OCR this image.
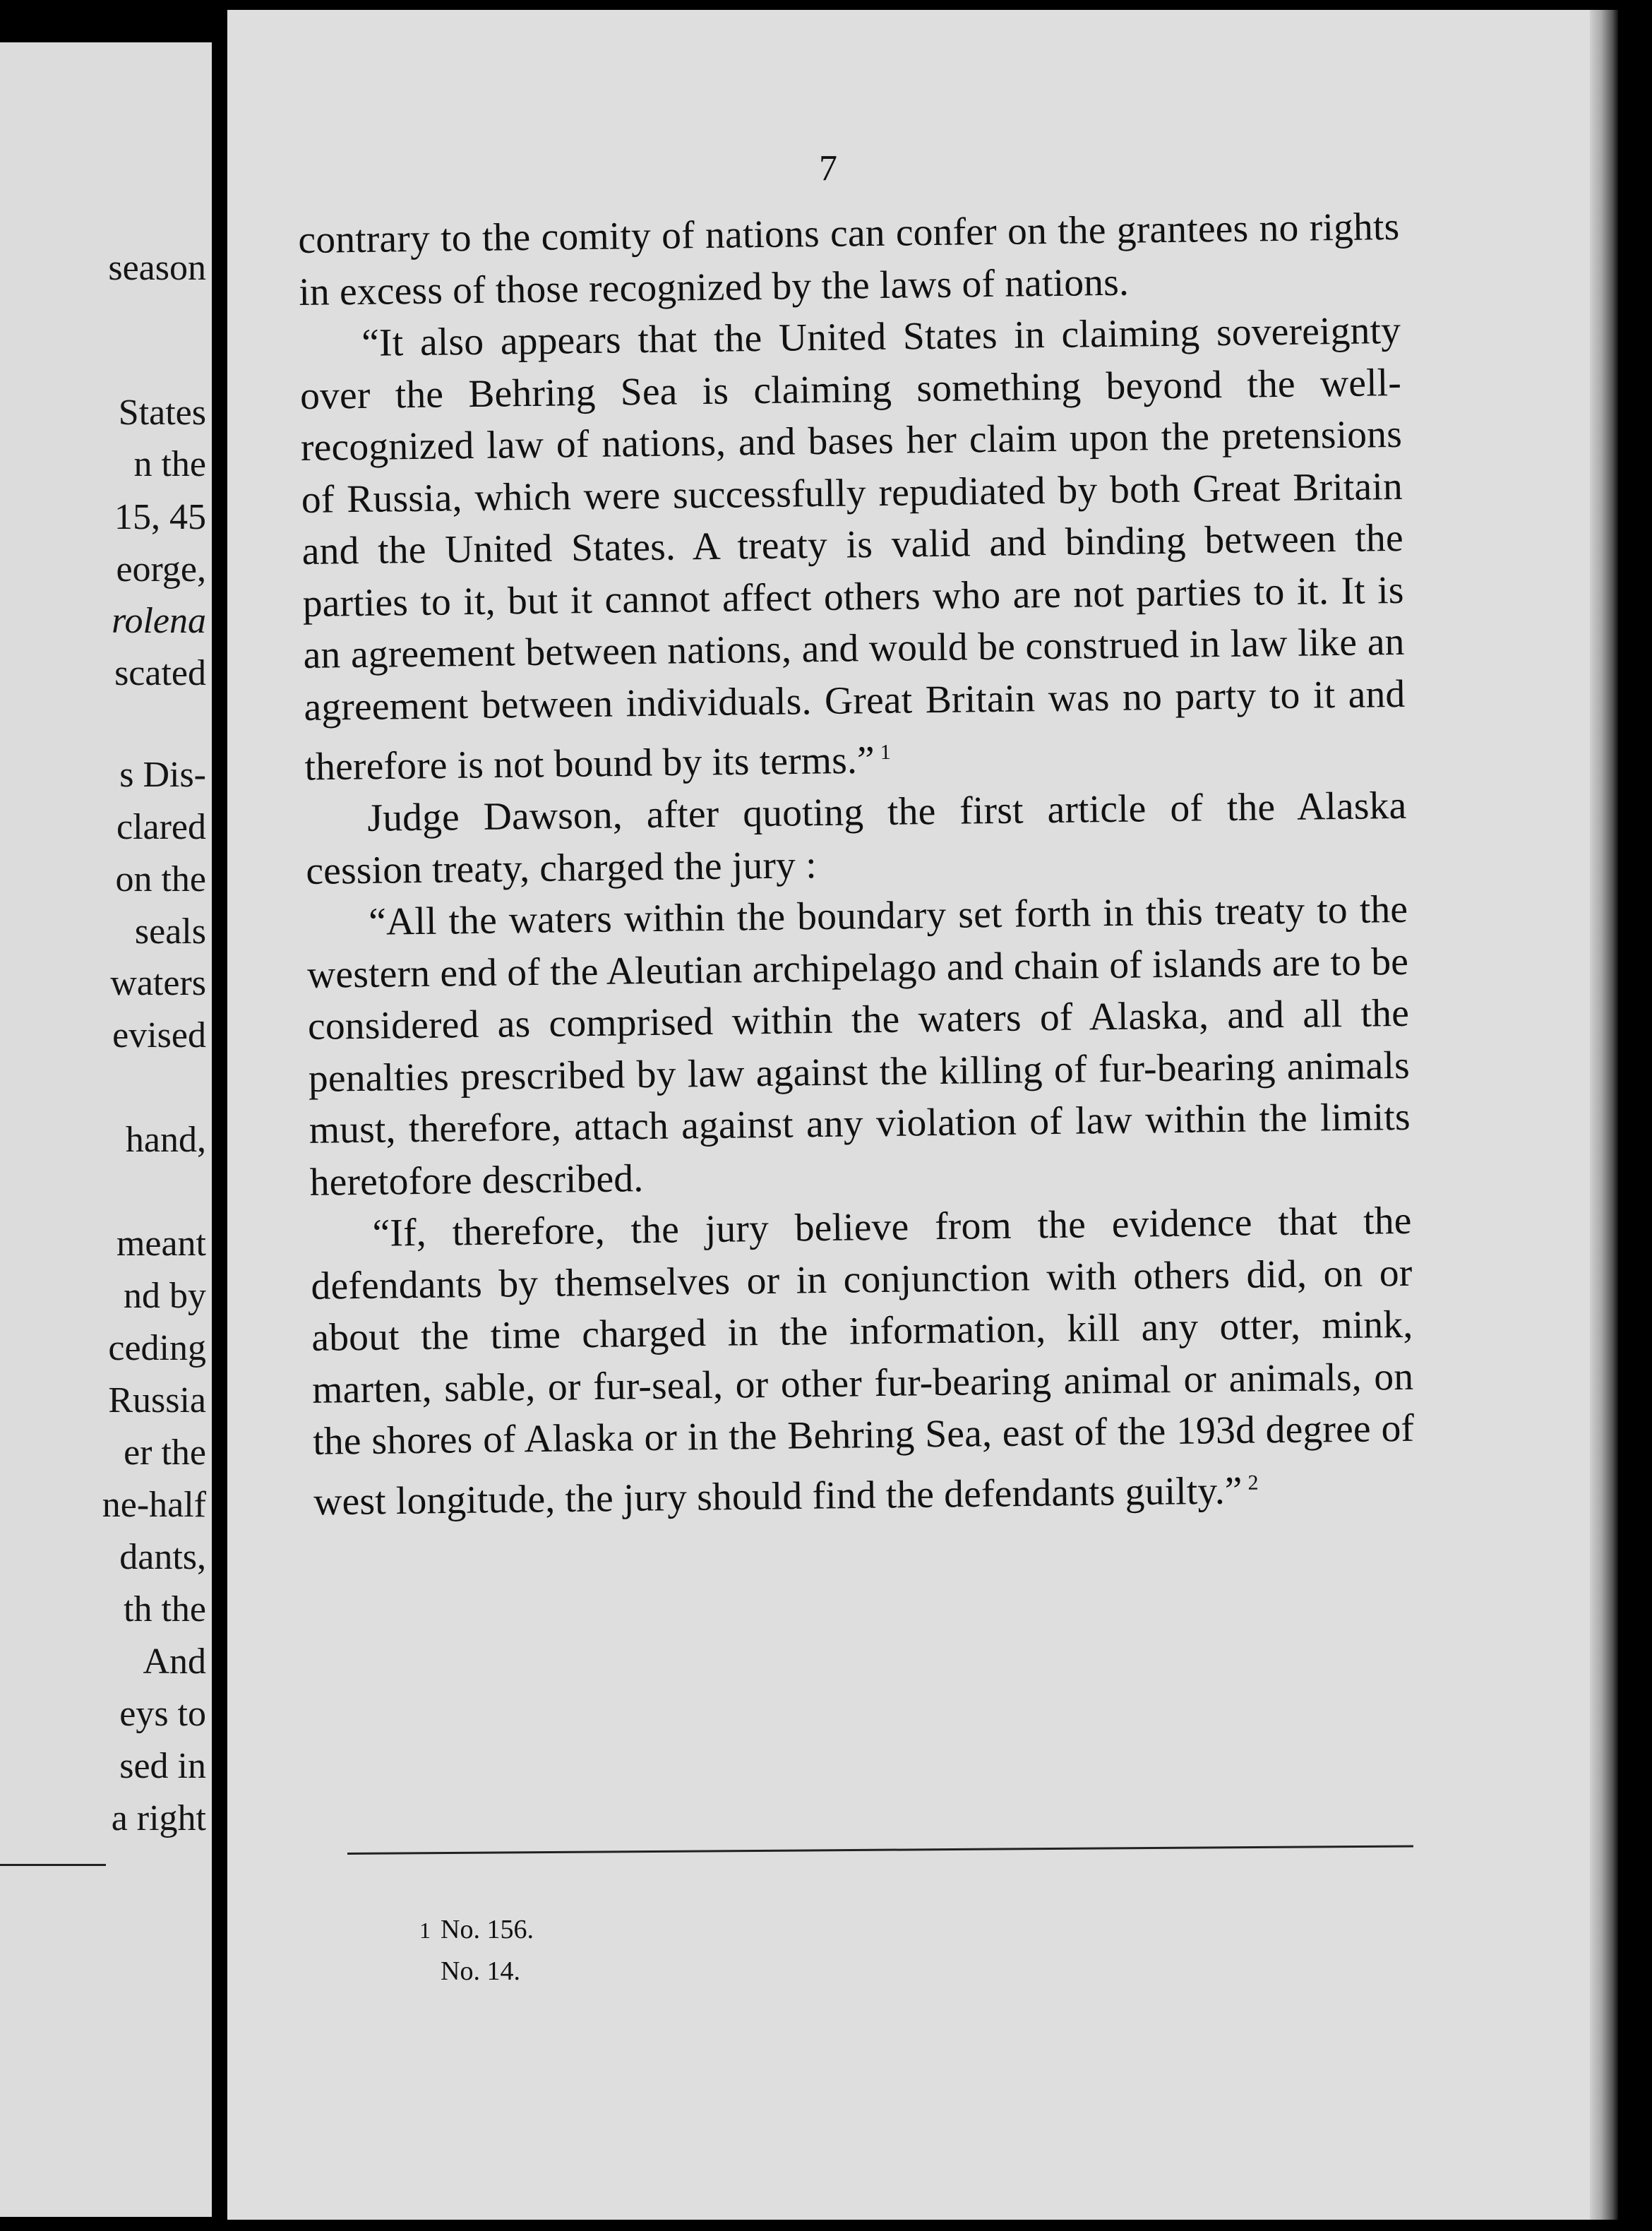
season
States
n the
15, 45
eorge,
rolena
scated
s Dis-
clared
on the
seals
waters
evised
hand,
meant
nd by
ceding
Russia
er the
ne-half
dants,
th the
And
eys to
sed in
a right
7

contrary to the comity of nations can confer on the grantees no rights in excess of those recognized by the laws of nations.

“It also appears that the United States in claiming sovereignty over the Behring Sea is claiming something beyond the well-recognized law of nations, and bases her claim upon the pretensions of Russia, which were successfully repudiated by both Great Britain and the United States. A treaty is valid and binding between the parties to it, but it cannot affect others who are not parties to it. It is an agreement between nations, and would be construed in law like an agreement between individuals. Great Britain was no party to it and therefore is not bound by its terms.” $^1$

Judge Dawson, after quoting the first article of the Alaska cession treaty, charged the jury :

“All the waters within the boundary set forth in this treaty to the western end of the Aleutian archipelago and chain of islands are to be considered as comprised within the waters of Alaska, and all the penalties prescribed by law against the killing of fur-bearing animals must, therefore, attach against any violation of law within the limits heretofore described.

“If, therefore, the jury believe from the evidence that the defendants by themselves or in conjunction with others did, on or about the time charged in the information, kill any otter, mink, marten, sable, or fur-seal, or other fur-bearing animal or animals, on the shores of Alaska or in the Behring Sea, east of the 193d degree of west longitude, the jury should find the defendants guilty.” $^2$

1 No. 156.
No. 14.
